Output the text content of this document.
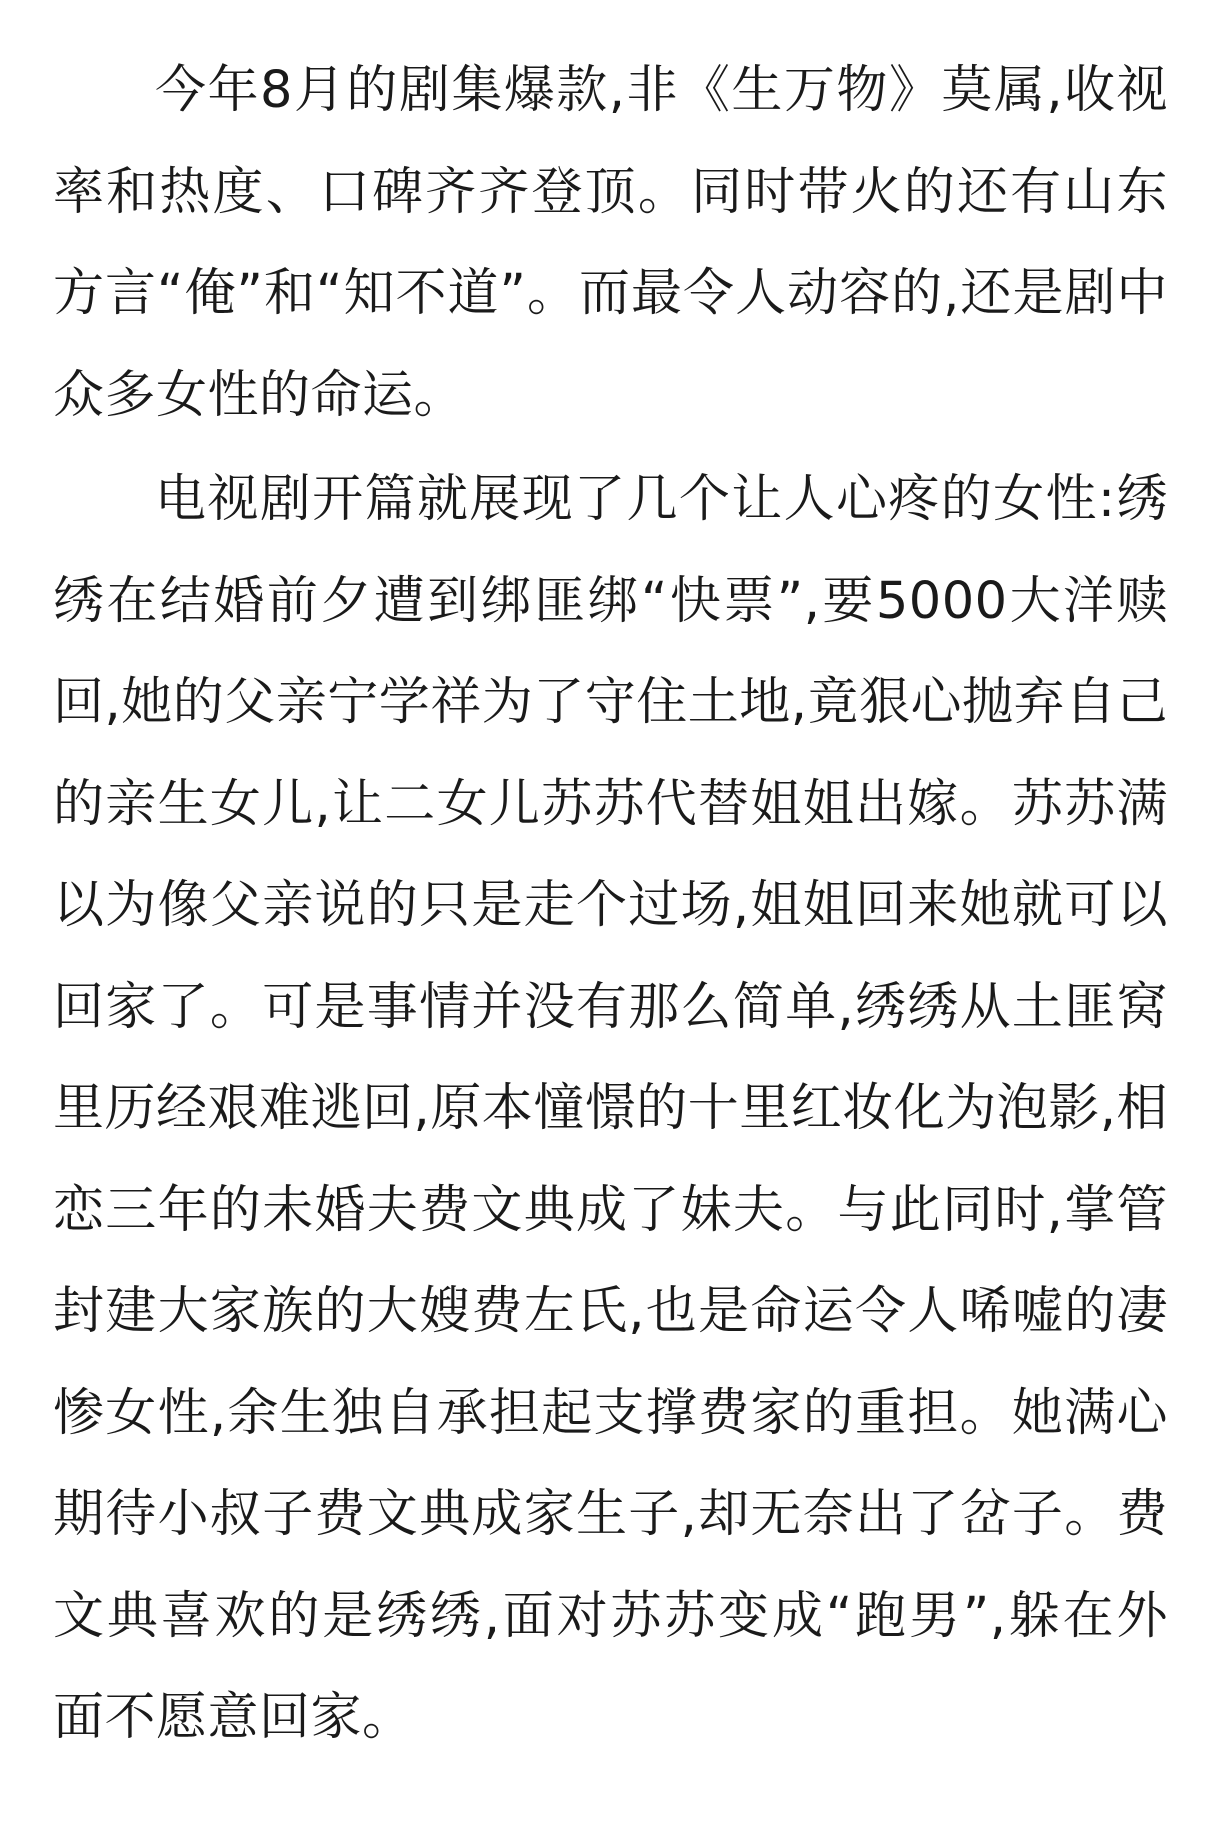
今年8月的剧集爆款,非《生万物》莫属,收视率和热度、口碑齐齐登顶。同时带火的还有山东方言“俺”和“知不道”。而最令人动容的,还是剧中众多女性的命运。

电视剧开篇就展现了几个让人心疼的女性:绣绣在结婚前夕遭到绑匪绑“快票”,要5000大洋赎回,她的父亲宁学祥为了守住土地,竟狠心抛弃自己的亲生女儿,让二女儿苏苏代替姐姐出嫁。苏苏满以为像父亲说的只是走个过场,姐姐回来她就可以回家了。可是事情并没有那么简单,绣绣从土匪窝里历经艰难逃回,原本憧憬的十里红妆化为泡影,相恋三年的未婚夫费文典成了妹夫。与此同时,掌管封建大家族的大嫂费左氏,也是命运令人唏嘘的凄惨女性,余生独自承担起支撑费家的重担。她满心期待小叔子费文典成家生子,却无奈出了岔子。费文典喜欢的是绣绣,面对苏苏变成“跑男”,躲在外面不愿意回家。
